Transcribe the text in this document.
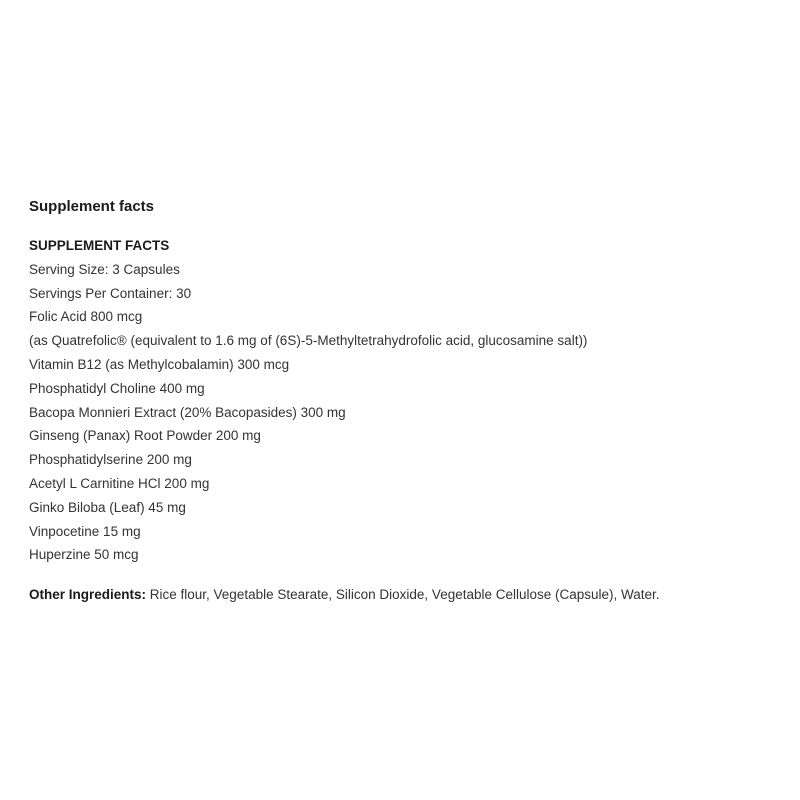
Supplement facts
SUPPLEMENT FACTS
Serving Size: 3 Capsules
Servings Per Container: 30
Folic Acid 800 mcg
(as Quatrefolic® (equivalent to 1.6 mg of (6S)-5-Methyltetrahydrofolic acid, glucosamine salt))
Vitamin B12 (as Methylcobalamin) 300 mcg
Phosphatidyl Choline 400 mg
Bacopa Monnieri Extract (20% Bacopasides) 300 mg
Ginseng (Panax) Root Powder 200 mg
Phosphatidylserine 200 mg
Acetyl L Carnitine HCl 200 mg
Ginko Biloba (Leaf) 45 mg
Vinpocetine 15 mg
Huperzine 50 mcg
Other Ingredients: Rice flour, Vegetable Stearate, Silicon Dioxide, Vegetable Cellulose (Capsule), Water.
